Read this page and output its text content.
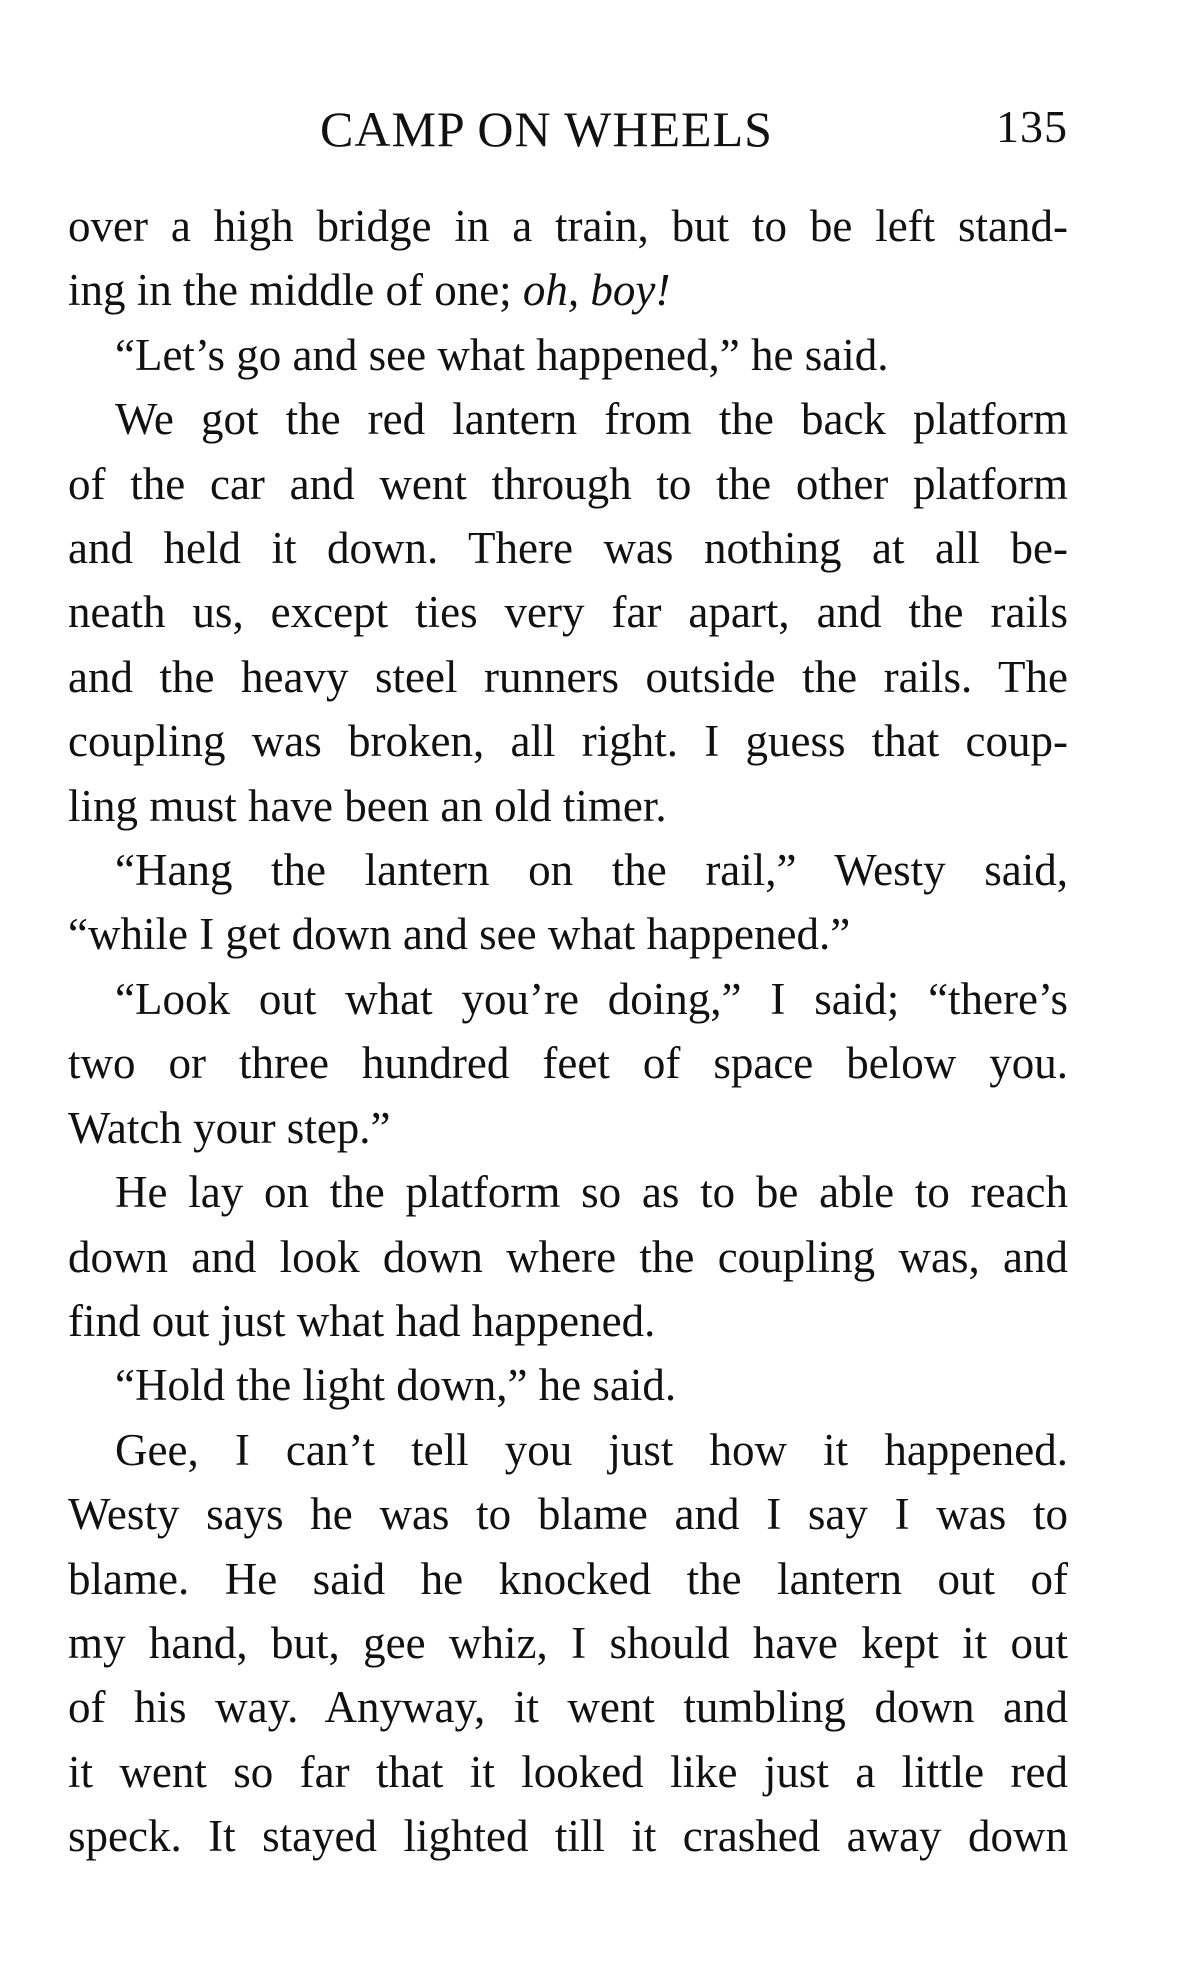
CAMP ON WHEELS	135
over a high bridge in a train, but to be left stand-
ing in the middle of one; oh, boy!
“Let’s go and see what happened,” he said.
We got the red lantern from the back platform
of the car and went through to the other platform
and held it down. There was nothing at all be-
neath us, except ties very far apart, and the rails
and the heavy steel runners outside the rails. The
coupling was broken, all right. I guess that coup-
ling must have been an old timer.
“Hang the lantern on the rail,” Westy said,
“while I get down and see what happened.”
“Look out what you’re doing,” I said; “there’s
two or three hundred feet of space below you.
Watch your step.”
He lay on the platform so as to be able to reach
down and look down where the coupling was, and
find out just what had happened.
“Hold the light down,” he said.
Gee, I can’t tell you just how it happened.
Westy says he was to blame and I say I was to
blame. He said he knocked the lantern out of
my hand, but, gee whiz, I should have kept it out
of his way. Anyway, it went tumbling down and
it went so far that it looked like just a little red
speck. It stayed lighted till it crashed away down
